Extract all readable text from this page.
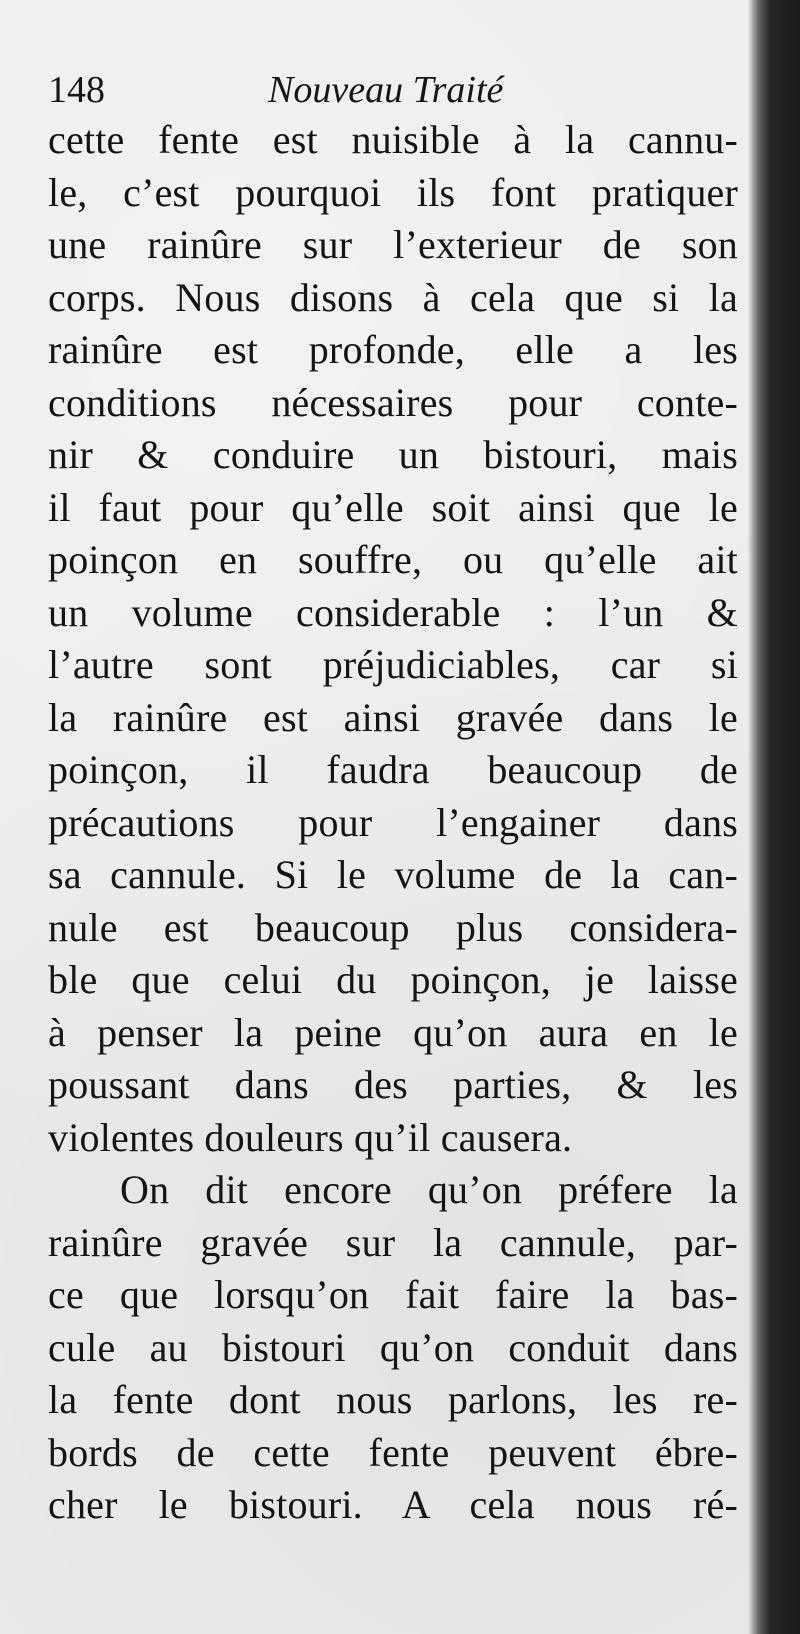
148	Nouveau Traité
cette fente est nuisible à la cannu-
le, c’est pourquoi ils font pratiquer
une rainûre sur l’exterieur de son
corps. Nous disons à cela que si la
rainûre est profonde, elle a les
conditions nécessaires pour conte-
nir & conduire un bistouri, mais
il faut pour qu’elle soit ainsi que le
poinçon en souffre, ou qu’elle ait
un volume considerable : l’un &
l’autre sont préjudiciables, car si
la rainûre est ainsi gravée dans le
poinçon, il faudra beaucoup de
précautions pour l’engainer dans
sa cannule. Si le volume de la can-
nule est beaucoup plus considera-
ble que celui du poinçon, je laisse
à penser la peine qu’on aura en le
poussant dans des parties, & les
violentes douleurs qu’il causera.
On dit encore qu’on préfere la
rainûre gravée sur la cannule, par-
ce que lorsqu’on fait faire la bas-
cule au bistouri qu’on conduit dans
la fente dont nous parlons, les re-
bords de cette fente peuvent ébre-
cher le bistouri. A cela nous ré-
